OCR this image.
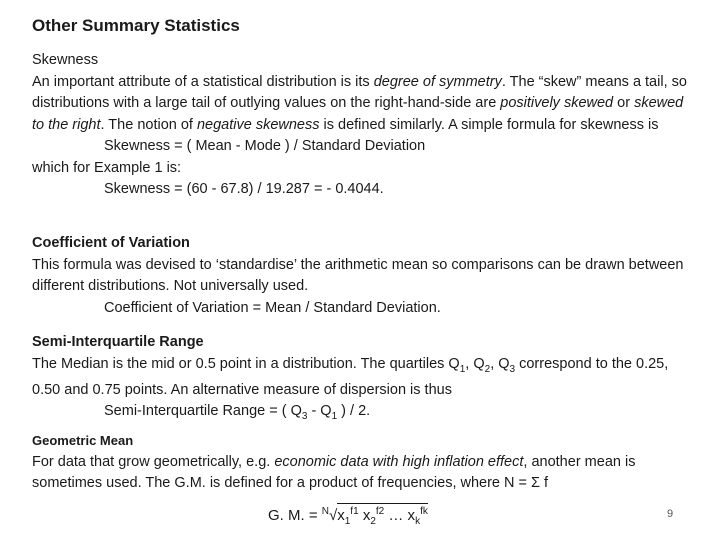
Other Summary Statistics

Skewness

An important attribute of a statistical distribution is its degree of symmetry. The “skew” means a tail, so distributions with a large tail of outlying values on the right-hand-side are positively skewed or skewed to the right. The notion of negative skewness is defined similarly. A simple formula for skewness is

Skewness = ( Mean - Mode ) / Standard Deviation

which for Example 1 is:

Skewness = (60 - 67.8) / 19.287 = - 0.4044.

Coefficient of Variation

This formula was devised to ‘standardise’ the arithmetic mean so comparisons can be drawn between different distributions. Not universally used.

Coefficient of Variation = Mean / Standard Deviation.

Semi-Interquartile Range

The Median is the mid or 0.5 point in a distribution. The quartiles $Q_1$, $Q_2$, $Q_3$ correspond to the 0.25, 0.50 and 0.75 points. An alternative measure of dispersion is thus

Semi-Interquartile Range = ( $Q_3 - Q_1$ ) / 2.

Geometric Mean

For data that grow geometrically, e.g. economic data with high inflation effect, another mean is sometimes used. The G.M. is defined for a product of frequencies, where N = Σ f

G. M. = $^N√x_1^{f1}$ $x_2^{f2}$ … $x_k^{fk}$	9
